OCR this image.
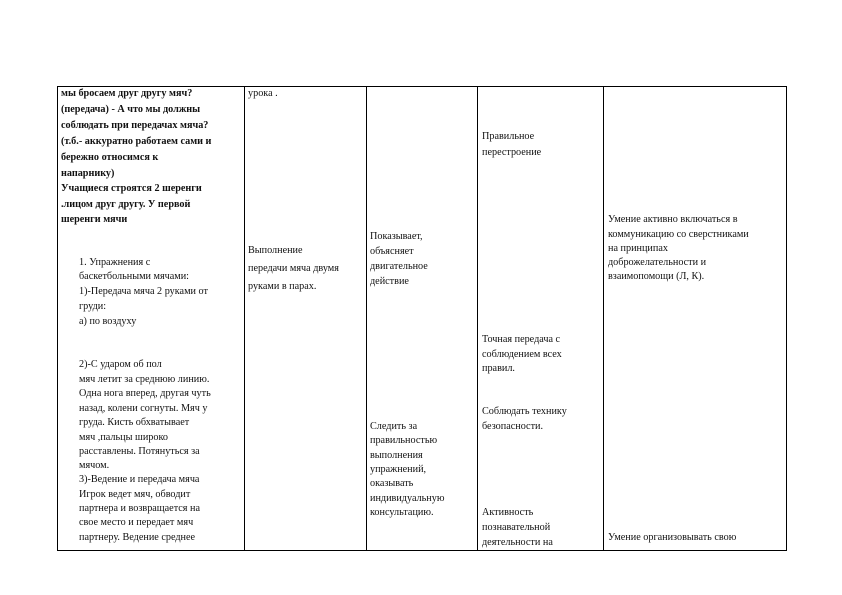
мы бросаем друг другу мяч?
(передача) - А что мы должны
соблюдать при передачах мяча?
(т.б.- аккуратно работаем сами и
бережно относимся к
напарнику)
Учащиеся строятся 2 шеренги
.лицом друг другу. У первой
шеренги мячи
1. Упражнения с
баскетбольными мячами:
1)-Передача мяча 2 руками от
груди:
а) по воздуху
2)-С ударом об пол
мяч летит за среднюю линию.
Одна нога вперед, другая чуть
назад, колени согнуты. Мяч у
груда. Кисть обхватывает
мяч ,пальцы широко
расставлены. Потянуться за
мячом.
3)-Ведение и передача мяча
Игрок ведет мяч, обводит
партнера и возвращается на
свое место и передает мяч
партнеру. Ведение среднее
урока .
Выполнение
передачи мяча двумя
руками в парах.
Показывает,
объясняет
двигательное
действие
Следить за
правильностью
выполнения
упражнений,
оказывать
индивидуальную
консультацию.
Правильное
перестроение
Точная передача с
соблюдением всех
правил.
Соблюдать технику
безопасности.
Активность
познавательной
деятельности на
Умение активно включаться в
коммуникацию со сверстниками
на принципах
доброжелательности и
взаимопомощи (Л, К).
Умение организовывать свою
